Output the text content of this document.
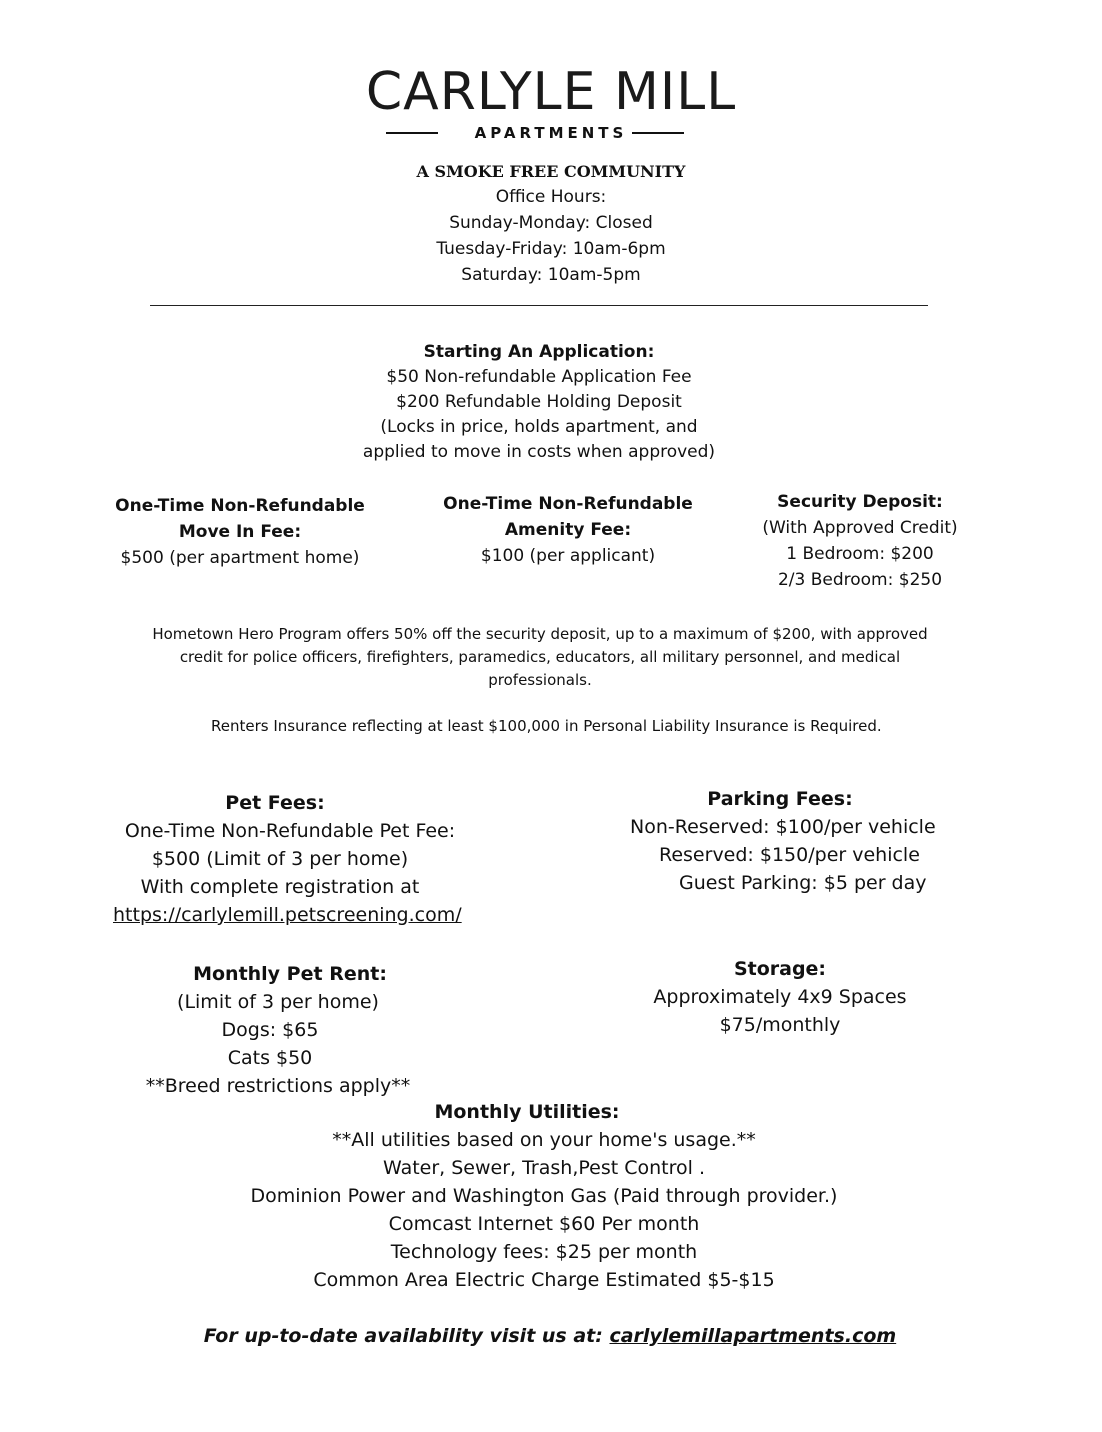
CARLYLE MILL
APARTMENTS
A SMOKE FREE COMMUNITY
Office Hours:
Sunday-Monday: Closed
Tuesday-Friday: 10am-6pm
Saturday: 10am-5pm
Starting An Application:
$50 Non-refundable Application Fee
$200 Refundable Holding Deposit
(Locks in price, holds apartment, and
applied to move in costs when approved)
One-Time Non-Refundable
Move In Fee:
$500 (per apartment home)
One-Time Non-Refundable
Amenity Fee:
$100 (per applicant)
Security Deposit:
(With Approved Credit)
1 Bedroom: $200
2/3 Bedroom: $250
Hometown Hero Program offers 50% off the security deposit, up to a maximum of $200, with approved
credit for police officers, firefighters, paramedics, educators, all military personnel, and medical
professionals.
Renters Insurance reflecting at least $100,000 in Personal Liability Insurance is Required.
Pet Fees:
One-Time Non-Refundable Pet Fee:
$500 (Limit of 3 per home)
With complete registration at
https://carlylemill.petscreening.com/
Parking Fees:
Non-Reserved: $100/per vehicle
Reserved: $150/per vehicle
Guest Parking: $5 per day
Monthly Pet Rent:
(Limit of 3 per home)
Dogs: $65
Cats $50
**Breed restrictions apply**
Storage:
Approximately 4x9 Spaces
$75/monthly
Monthly Utilities:
**All utilities based on your home's usage.**
Water, Sewer, Trash,Pest Control .
Dominion Power and Washington Gas (Paid through provider.)
Comcast Internet $60 Per month
Technology fees: $25 per month
Common Area Electric Charge Estimated $5-$15
For up-to-date availability visit us at: carlylemillapartments.com
